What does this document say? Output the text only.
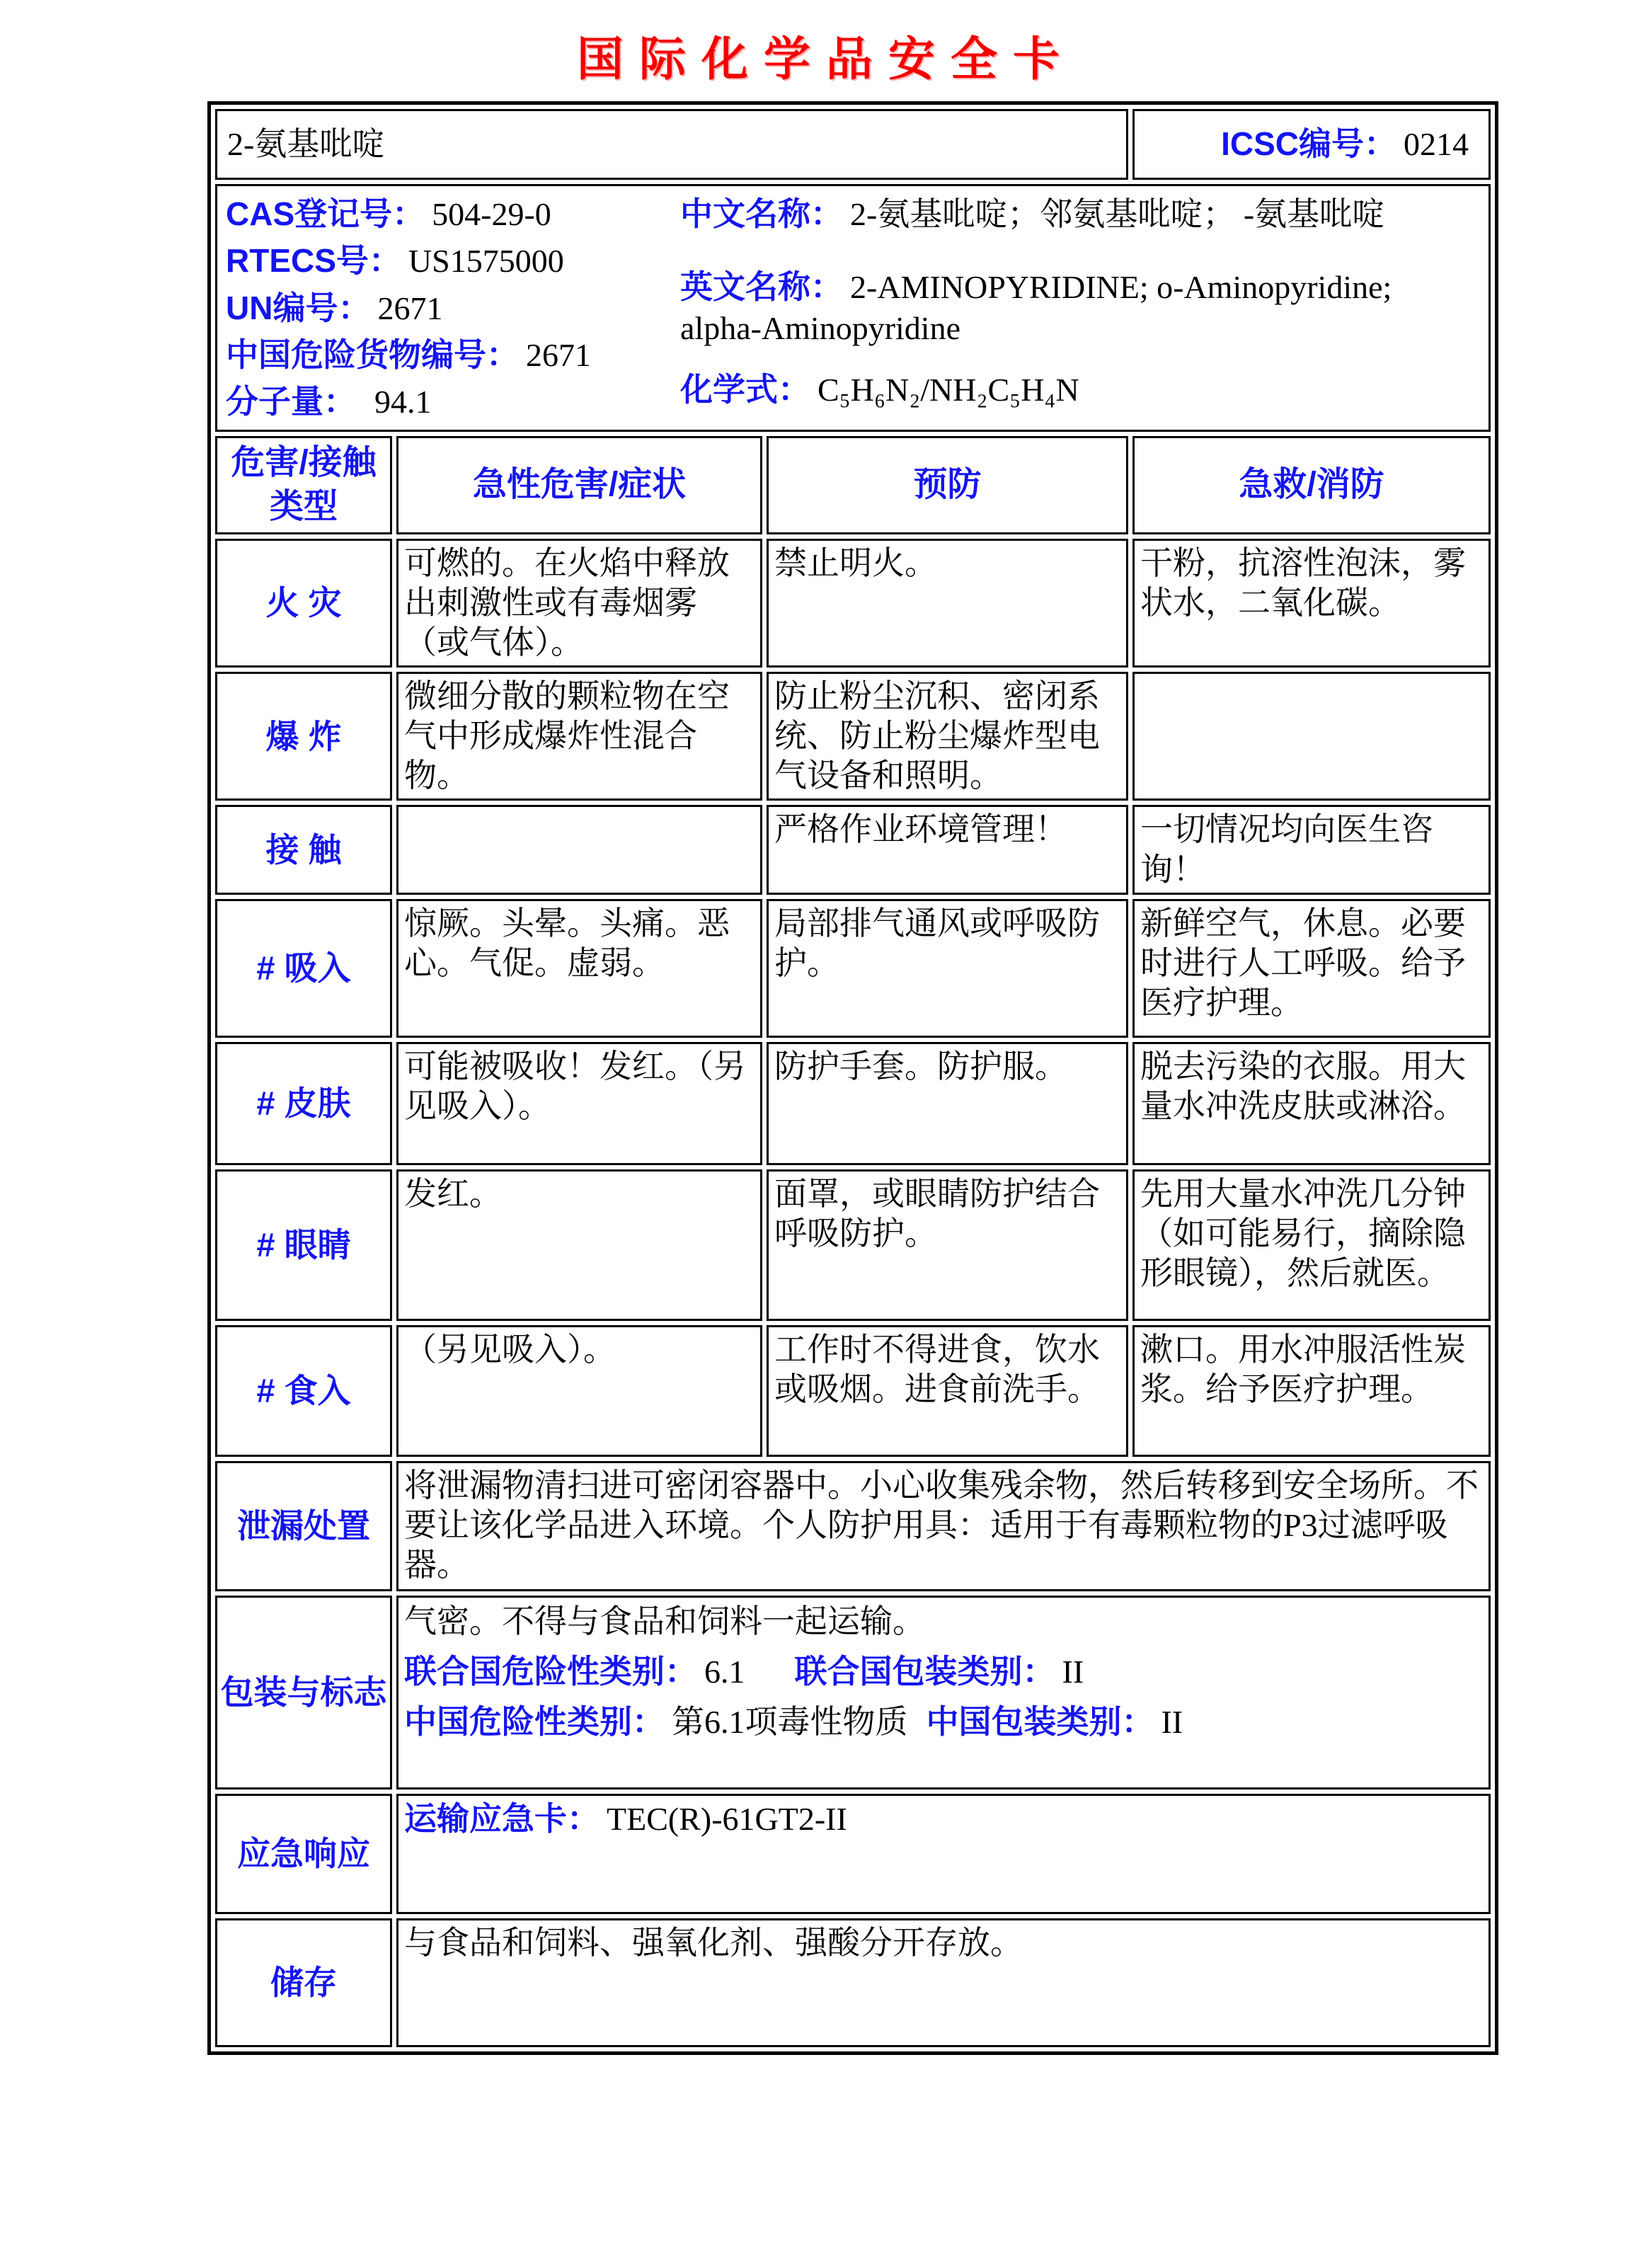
国际化学品安全卡
2-氨基吡啶			ICSC编号： 0214

CAS登记号： 504-29-0
RTECS号： US1575000
UN编号： 2671
中国危险货物编号： 2671
分子量： 94.1
中文名称： 2-氨基吡啶；邻氨基吡啶； -氨基吡啶
英文名称： 2-AMINOPYRIDINE; o-Aminopyridine; alpha-Aminopyridine
化学式： C₅H₆N₂/NH₂C₅H₄N

危害/接触 类型	急性危害/症状	预防	急救/消防
火 灾	可燃的。在火焰中释放出刺激性或有毒烟雾（或气体）。	禁止明火。	干粉，抗溶性泡沫，雾状水，二氧化碳。
爆 炸	微细分散的颗粒物在空气中形成爆炸性混合物。	防止粉尘沉积、密闭系统、防止粉尘爆炸型电气设备和照明。	
接 触		严格作业环境管理！	一切情况均向医生咨询！
# 吸入	惊厥。头晕。头痛。恶心。气促。虚弱。	局部排气通风或呼吸防护。	新鲜空气，休息。必要时进行人工呼吸。给予医疗护理。
# 皮肤	可能被吸收！发红。（另见吸入）。	防护手套。防护服。	脱去污染的衣服。用大量水冲洗皮肤或淋浴。
# 眼睛	发红。	面罩，或眼睛防护结合呼吸防护。	先用大量水冲洗几分钟（如可能易行，摘除隐形眼镜），然后就医。
# 食入	（另见吸入）。	工作时不得进食，饮水或吸烟。进食前洗手。	漱口。用水冲服活性炭浆。给予医疗护理。
泄漏处置	将泄漏物清扫进可密闭容器中。小心收集残余物，然后转移到安全场所。不要让该化学品进入环境。个人防护用具：适用于有毒颗粒物的P3过滤呼吸器。		
包装与标志	气密。不得与食品和饲料一起运输。
联合国危险性类别： 6.1 联合国包装类别： II
中国危险性类别： 第6.1项毒性物质 中国包装类别： II		

应急响应	运输应急卡： TEC(R)-61GT2-II		
储存	与食品和饲料、强氧化剂、强酸分开存放。		
